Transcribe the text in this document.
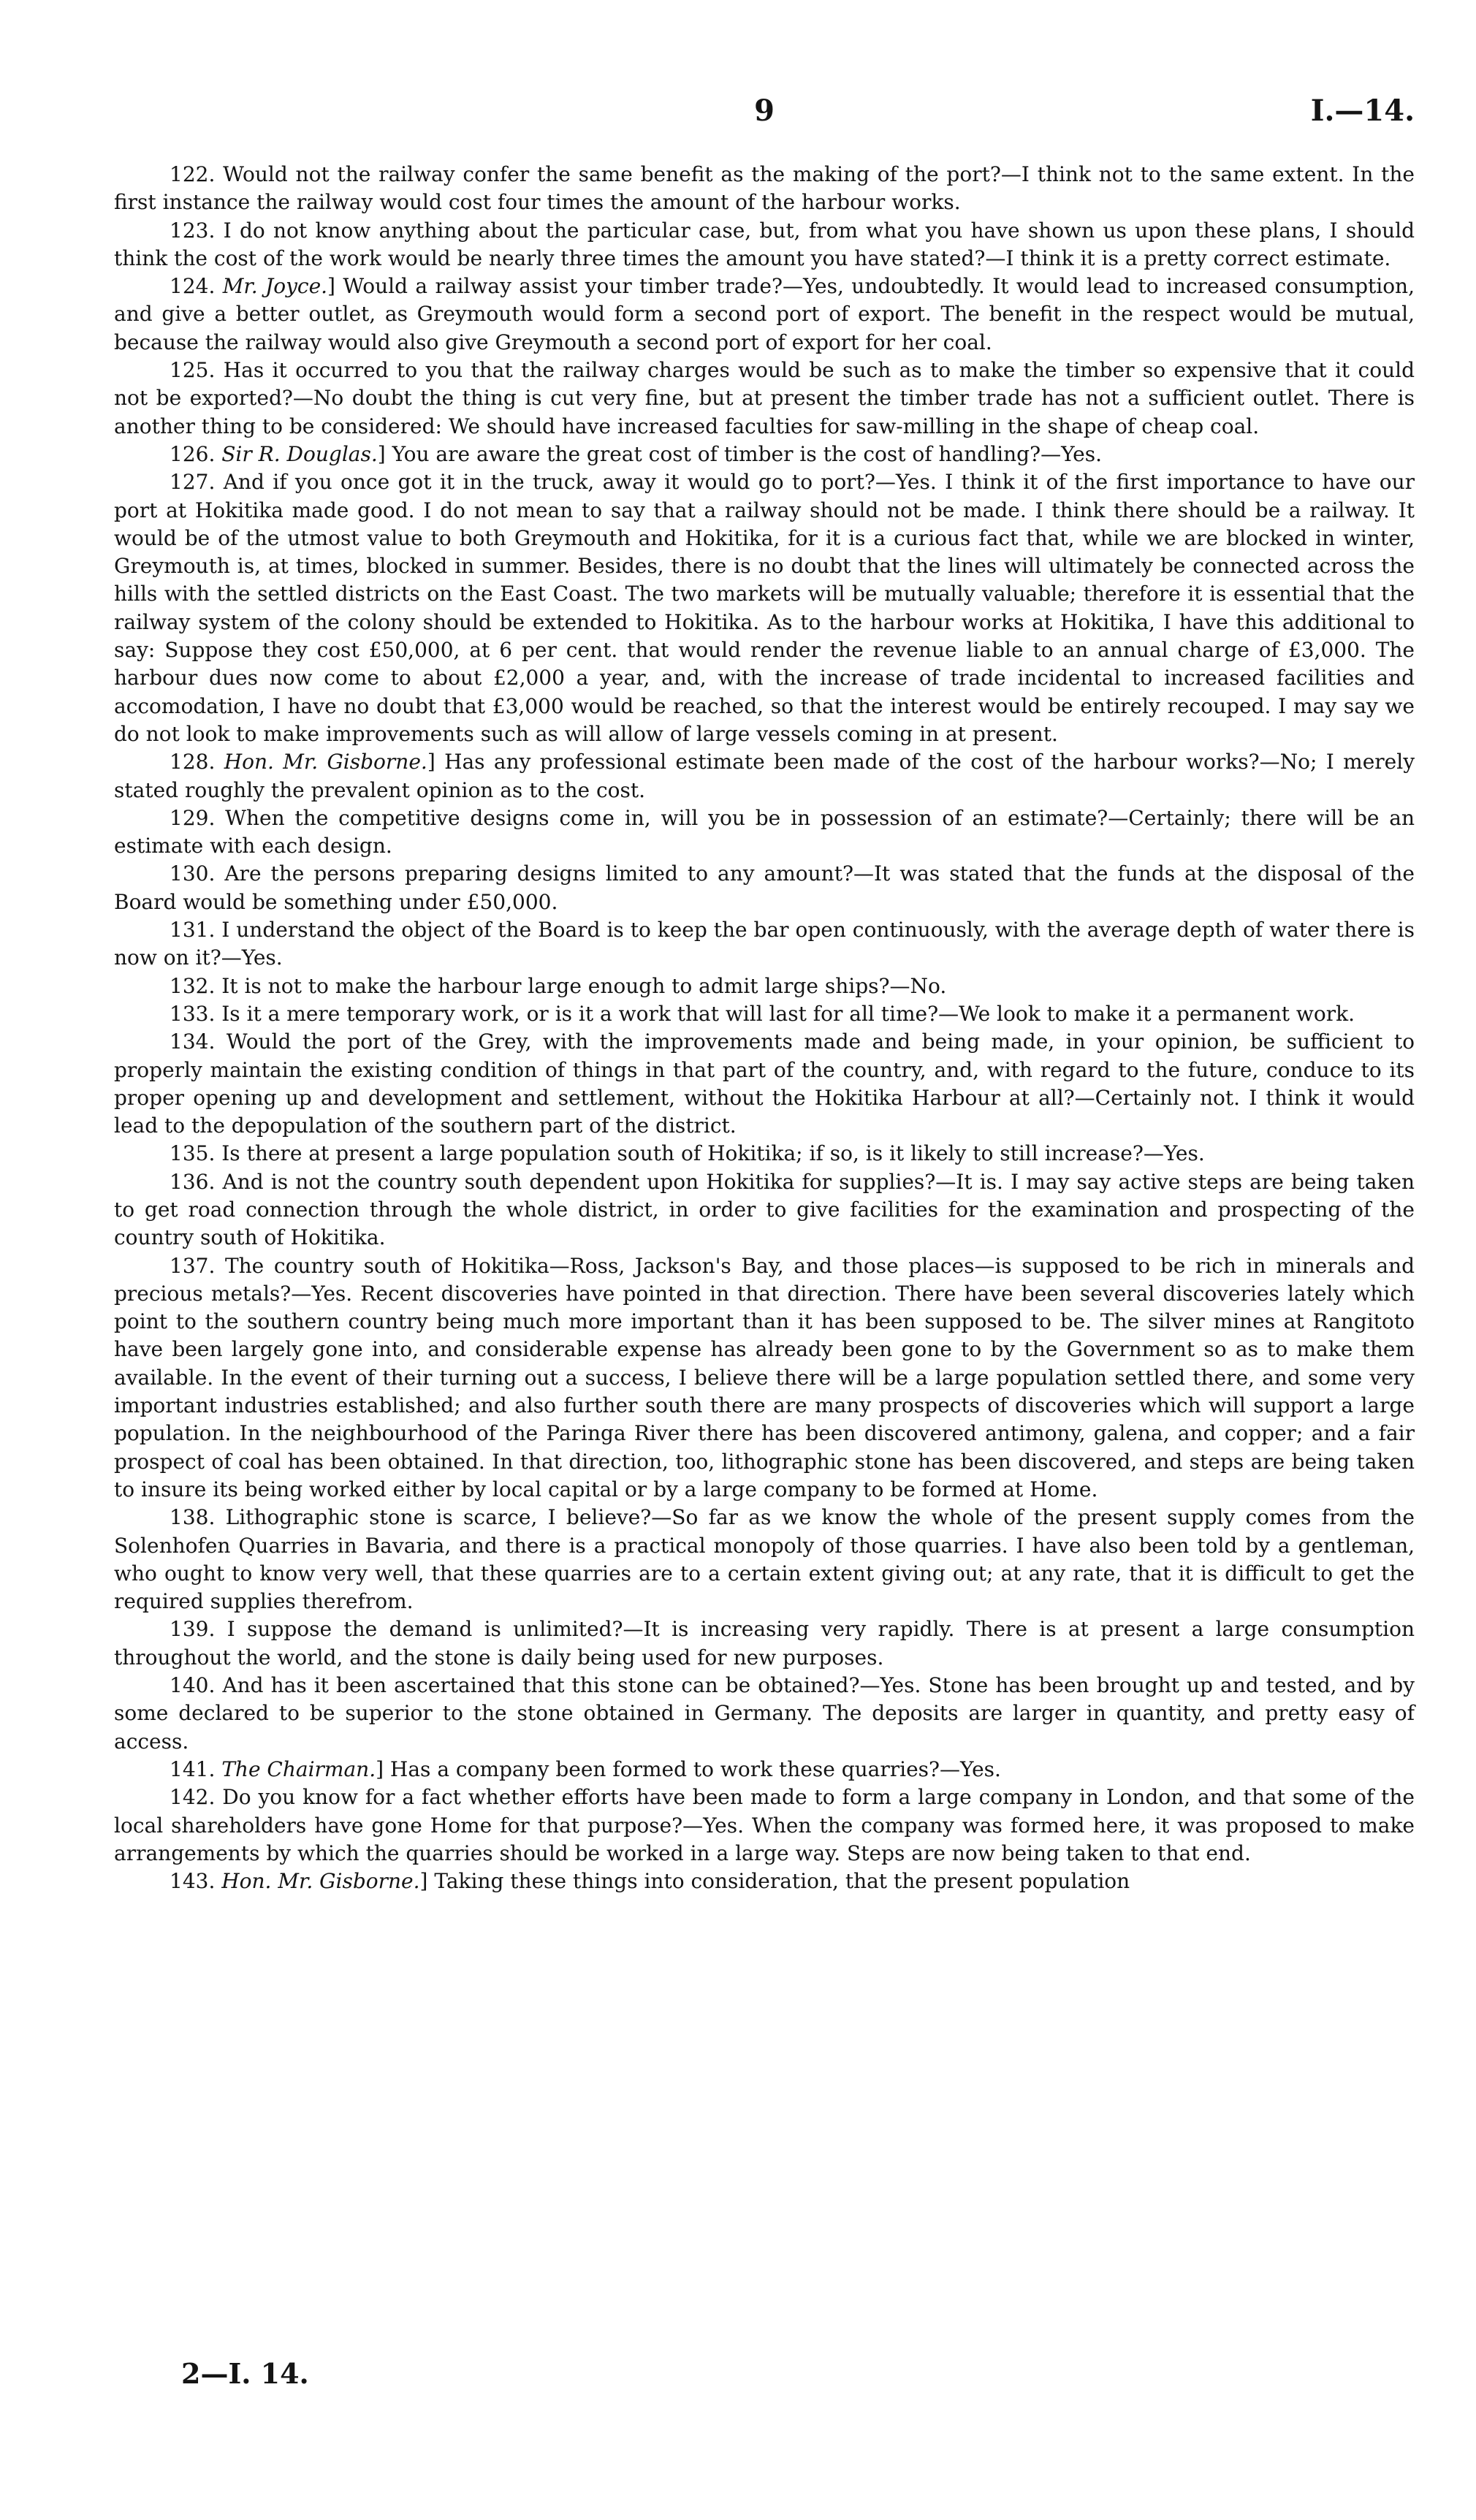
9	I.—14.

122. Would not the railway confer the same benefit as the making of the port?—I think not to the same extent. In the first instance the railway would cost four times the amount of the harbour works.

123. I do not know anything about the particular case, but, from what you have shown us upon these plans, I should think the cost of the work would be nearly three times the amount you have stated?—I think it is a pretty correct estimate.

124. Mr. Joyce.] Would a railway assist your timber trade?—Yes, undoubtedly. It would lead to increased consumption, and give a better outlet, as Greymouth would form a second port of export. The benefit in the respect would be mutual, because the railway would also give Greymouth a second port of export for her coal.

125. Has it occurred to you that the railway charges would be such as to make the timber so expensive that it could not be exported?—No doubt the thing is cut very fine, but at present the timber trade has not a sufficient outlet. There is another thing to be considered: We should have increased faculties for saw-milling in the shape of cheap coal.

126. Sir R. Douglas.] You are aware the great cost of timber is the cost of handling?—Yes.

127. And if you once got it in the truck, away it would go to port?—Yes. I think it of the first importance to have our port at Hokitika made good. I do not mean to say that a railway should not be made. I think there should be a railway. It would be of the utmost value to both Greymouth and Hokitika, for it is a curious fact that, while we are blocked in winter, Greymouth is, at times, blocked in summer. Besides, there is no doubt that the lines will ultimately be connected across the hills with the settled districts on the East Coast. The two markets will be mutually valuable; therefore it is essential that the railway system of the colony should be extended to Hokitika. As to the harbour works at Hokitika, I have this additional to say: Suppose they cost £50,000, at 6 per cent. that would render the revenue liable to an annual charge of £3,000. The harbour dues now come to about £2,000 a year, and, with the increase of trade incidental to increased facilities and accomodation, I have no doubt that £3,000 would be reached, so that the interest would be entirely recouped. I may say we do not look to make improvements such as will allow of large vessels coming in at present.

128. Hon. Mr. Gisborne.] Has any professional estimate been made of the cost of the harbour works?—No; I merely stated roughly the prevalent opinion as to the cost.

129. When the competitive designs come in, will you be in possession of an estimate?—Certainly; there will be an estimate with each design.

130. Are the persons preparing designs limited to any amount?—It was stated that the funds at the disposal of the Board would be something under £50,000.

131. I understand the object of the Board is to keep the bar open continuously, with the average depth of water there is now on it?—Yes.

132. It is not to make the harbour large enough to admit large ships?—No.

133. Is it a mere temporary work, or is it a work that will last for all time?—We look to make it a permanent work.

134. Would the port of the Grey, with the improvements made and being made, in your opinion, be sufficient to properly maintain the existing condition of things in that part of the country, and, with regard to the future, conduce to its proper opening up and development and settlement, without the Hokitika Harbour at all?—Certainly not. I think it would lead to the depopulation of the southern part of the district.

135. Is there at present a large population south of Hokitika; if so, is it likely to still increase?—Yes.

136. And is not the country south dependent upon Hokitika for supplies?—It is. I may say active steps are being taken to get road connection through the whole district, in order to give facilities for the examination and prospecting of the country south of Hokitika.

137. The country south of Hokitika—Ross, Jackson's Bay, and those places—is supposed to be rich in minerals and precious metals?—Yes. Recent discoveries have pointed in that direction. There have been several discoveries lately which point to the southern country being much more important than it has been supposed to be. The silver mines at Rangitoto have been largely gone into, and considerable expense has already been gone to by the Government so as to make them available. In the event of their turning out a success, I believe there will be a large population settled there, and some very important industries established; and also further south there are many prospects of discoveries which will support a large population. In the neighbourhood of the Paringa River there has been discovered antimony, galena, and copper; and a fair prospect of coal has been obtained. In that direction, too, lithographic stone has been discovered, and steps are being taken to insure its being worked either by local capital or by a large company to be formed at Home.

138. Lithographic stone is scarce, I believe?—So far as we know the whole of the present supply comes from the Solenhofen Quarries in Bavaria, and there is a practical monopoly of those quarries. I have also been told by a gentleman, who ought to know very well, that these quarries are to a certain extent giving out; at any rate, that it is difficult to get the required supplies therefrom.

139. I suppose the demand is unlimited?—It is increasing very rapidly. There is at present a large consumption throughout the world, and the stone is daily being used for new purposes.

140. And has it been ascertained that this stone can be obtained?—Yes. Stone has been brought up and tested, and by some declared to be superior to the stone obtained in Germany. The deposits are larger in quantity, and pretty easy of access.

141. The Chairman.] Has a company been formed to work these quarries?—Yes.

142. Do you know for a fact whether efforts have been made to form a large company in London, and that some of the local shareholders have gone Home for that purpose?—Yes. When the company was formed here, it was proposed to make arrangements by which the quarries should be worked in a large way. Steps are now being taken to that end.

143. Hon. Mr. Gisborne.] Taking these things into consideration, that the present population

2—I. 14.
